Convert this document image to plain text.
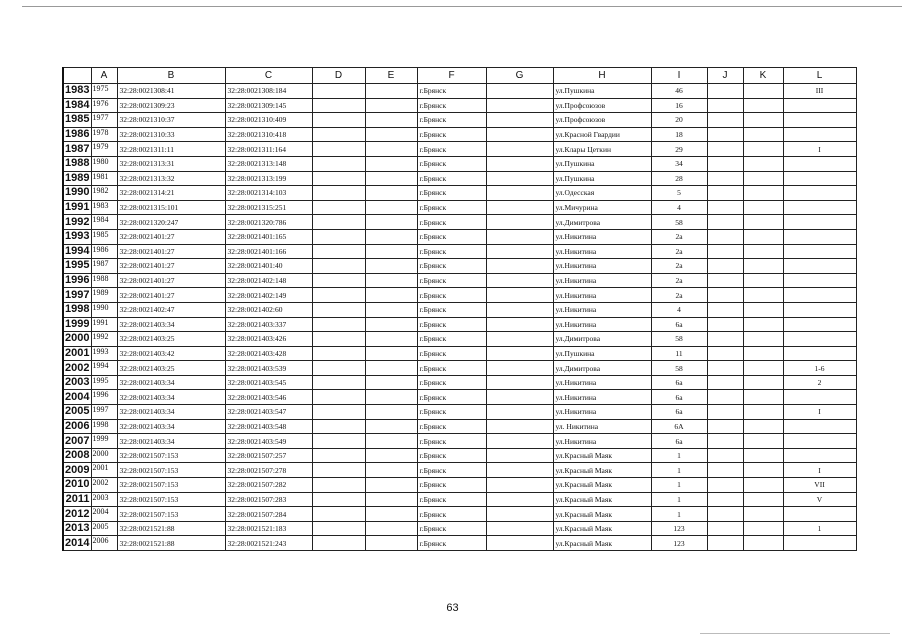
	A	B	C	D	E	F	G	H	I	J	K	L
1983	1975	32:28:0021308:41	32:28:0021308:184			г.Брянск		ул.Пушкина	46			III
1984	1976	32:28:0021309:23	32:28:0021309:145			г.Брянск		ул.Профсоюзов	16			
1985	1977	32:28:0021310:37	32:28:0021310:409			г.Брянск		ул.Профсоюзов	20			
1986	1978	32:28:0021310:33	32:28:0021310:418			г.Брянск		ул.Красной Гвардии	18			
1987	1979	32:28:0021311:11	32:28:0021311:164			г.Брянск		ул.Клары Цеткин	29			I
1988	1980	32:28:0021313:31	32:28:0021313:148			г.Брянск		ул.Пушкина	34			
1989	1981	32:28:0021313:32	32:28:0021313:199			г.Брянск		ул.Пушкина	28			
1990	1982	32:28:0021314:21	32:28:0021314:103			г.Брянск		ул.Одесская	5			
1991	1983	32:28:0021315:101	32:28:0021315:251			г.Брянск		ул.Мичурина	4			
1992	1984	32:28:0021320:247	32:28:0021320:786			г.Брянск		ул.Димитрова	58			
1993	1985	32:28:0021401:27	32:28:0021401:165			г.Брянск		ул.Никитина	2а			
1994	1986	32:28:0021401:27	32:28:0021401:166			г.Брянск		ул.Никитина	2а			
1995	1987	32:28:0021401:27	32:28:0021401:40			г.Брянск		ул.Никитина	2а			
1996	1988	32:28:0021401:27	32:28:0021402:148			г.Брянск		ул.Никитина	2а			
1997	1989	32:28:0021401:27	32:28:0021402:149			г.Брянск		ул.Никитина	2а			
1998	1990	32:28:0021402:47	32:28:0021402:60			г.Брянск		ул.Никитина	4			
1999	1991	32:28:0021403:34	32:28:0021403:337			г.Брянск		ул.Никитина	6а			
2000	1992	32:28:0021403:25	32:28:0021403:426			г.Брянск		ул.Димитрова	58			
2001	1993	32:28:0021403:42	32:28:0021403:428			г.Брянск		ул.Пушкина	11			
2002	1994	32:28:0021403:25	32:28:0021403:539			г.Брянск		ул.Димитрова	58			1-6
2003	1995	32:28:0021403:34	32:28:0021403:545			г.Брянск		ул.Никитина	6а			2
2004	1996	32:28:0021403:34	32:28:0021403:546			г.Брянск		ул.Никитина	6а			
2005	1997	32:28:0021403:34	32:28:0021403:547			г.Брянск		ул.Никитина	6а			I
2006	1998	32:28:0021403:34	32:28:0021403:548			г.Брянск		ул. Никитина	6А			
2007	1999	32:28:0021403:34	32:28:0021403:549			г.Брянск		ул.Никитина	6а			
2008	2000	32:28:0021507:153	32:28:0021507:257			г.Брянск		ул.Красный Маяк	1			
2009	2001	32:28:0021507:153	32:28:0021507:278			г.Брянск		ул.Красный Маяк	1			I
2010	2002	32:28:0021507:153	32:28:0021507:282			г.Брянск		ул.Красный Маяк	1			VII
2011	2003	32:28:0021507:153	32:28:0021507:283			г.Брянск		ул.Красный Маяк	1			V
2012	2004	32:28:0021507:153	32:28:0021507:284			г.Брянск		ул.Красный Маяк	1			
2013	2005	32:28:0021521:88	32:28:0021521:183			г.Брянск		ул.Красный Маяк	123			1
2014	2006	32:28:0021521:88	32:28:0021521:243			г.Брянск		ул.Красный Маяк	123			
63
